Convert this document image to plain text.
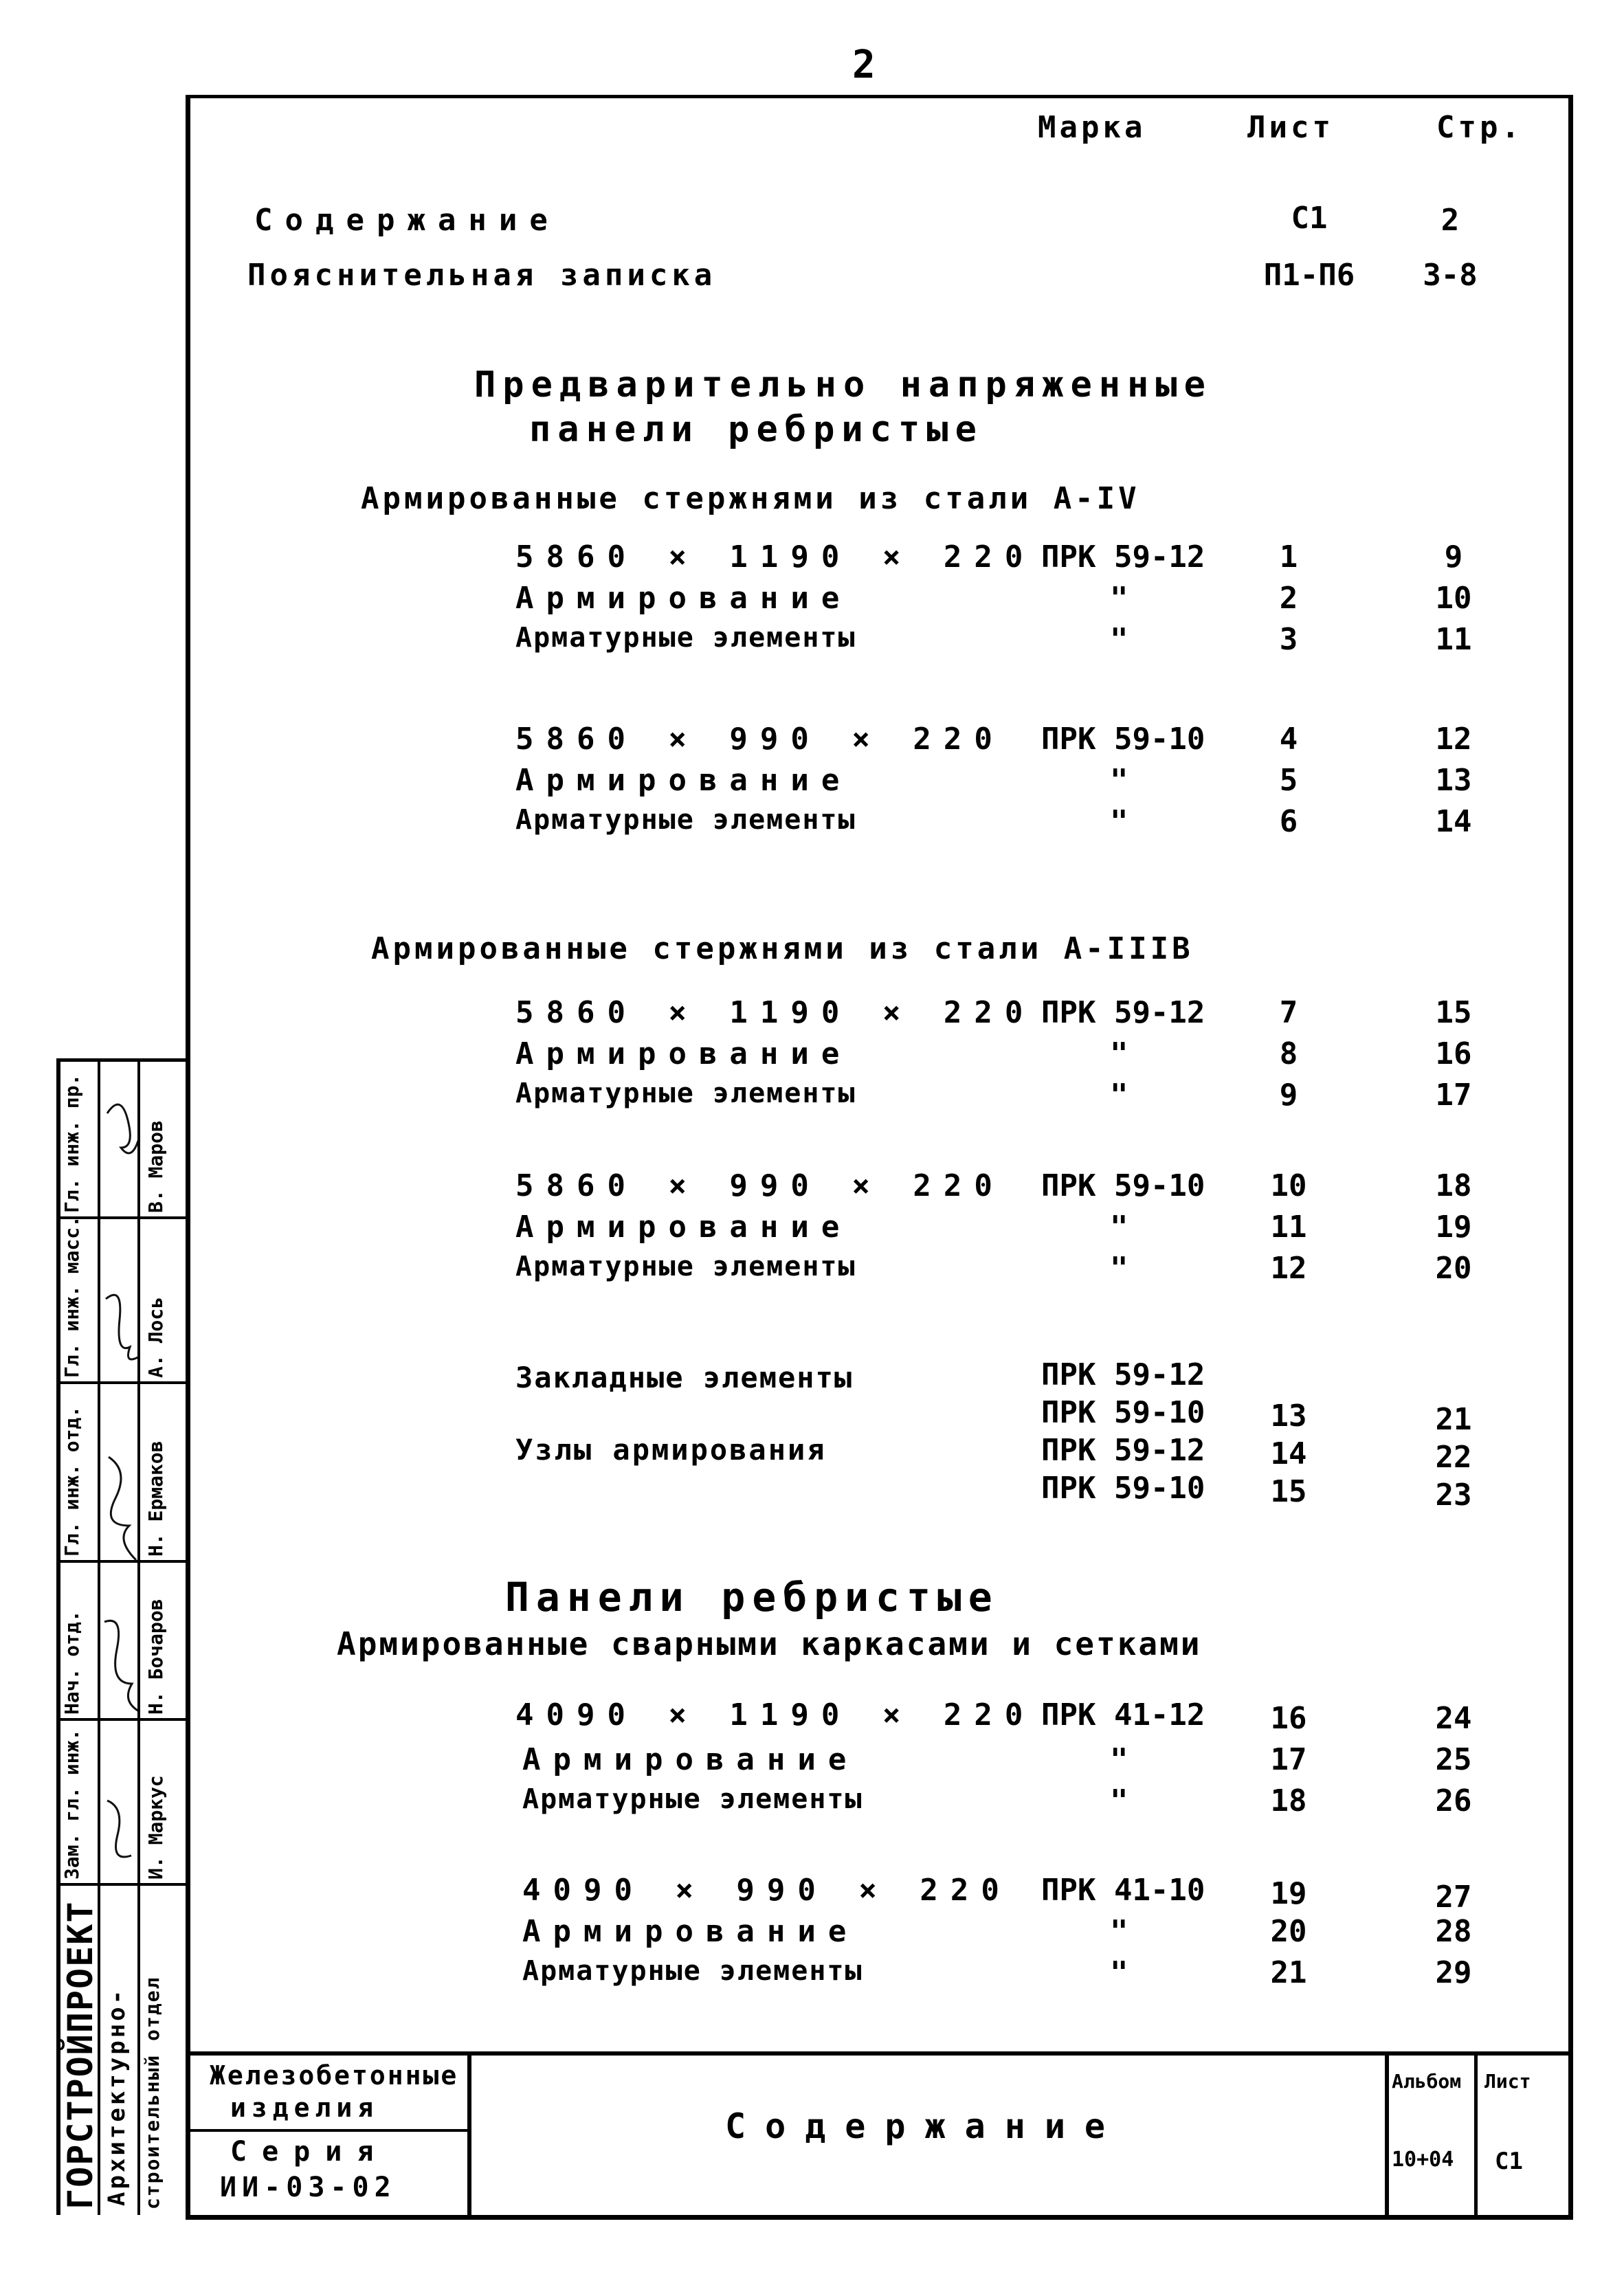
2
Марка	Лист	Стр.
Содержание	С1	2
Пояснительная записка	П1-П6	3-8
Предварительно напряженные
панели ребристые
Армированные стержнями из стали А-IV
5860 × 1190 × 220 ПРК 59-12	1	9
Армирование	"	2	10
Арматурные элементы	"	3	11
5860 × 990 × 220 ПРК 59-10	4	12
Армирование	"	5	13
Арматурные элементы	"	6	14
Армированные стержнями из стали А-IIIВ
5860 × 1190 × 220 ПРК 59-12	7	15
Армирование	"	8	16
Арматурные элементы	"	9	17
5860 × 990 × 220 ПРК 59-10	10	18
Армирование	"	11	19
Арматурные элементы	"	12	20
Закладные элементы	ПРК 59-12
ПРК 59-10	13	21
Узлы армирования	ПРК 59-12	14	22
ПРК 59-10	15	23
Панели ребристые
Армированные сварными каркасами и сетками
4090 × 1190 × 220 ПРК 41-12	16	24
Армирование	"	17	25
Арматурные элементы	"	18	26
4090 × 990 × 220 ПРК 41-10	19	27
Армирование	"	20	28
Арматурные элементы	"	21	29
Железобетонные
изделия
Серия
ИИ-03-02
Содержание
Альбом
10+04
Лист
С1
ГОРСТРОЙПРОЕКТ Архитектурно- строительный отдел
Зам. гл. инж.
Нач. отд.
Гл. инж. отд.
Гл. инж. масс.
Гл. инж. пр.
И. Маркус
Н. Бочаров
Н. Ермаков
А. Лось
В. Маров
